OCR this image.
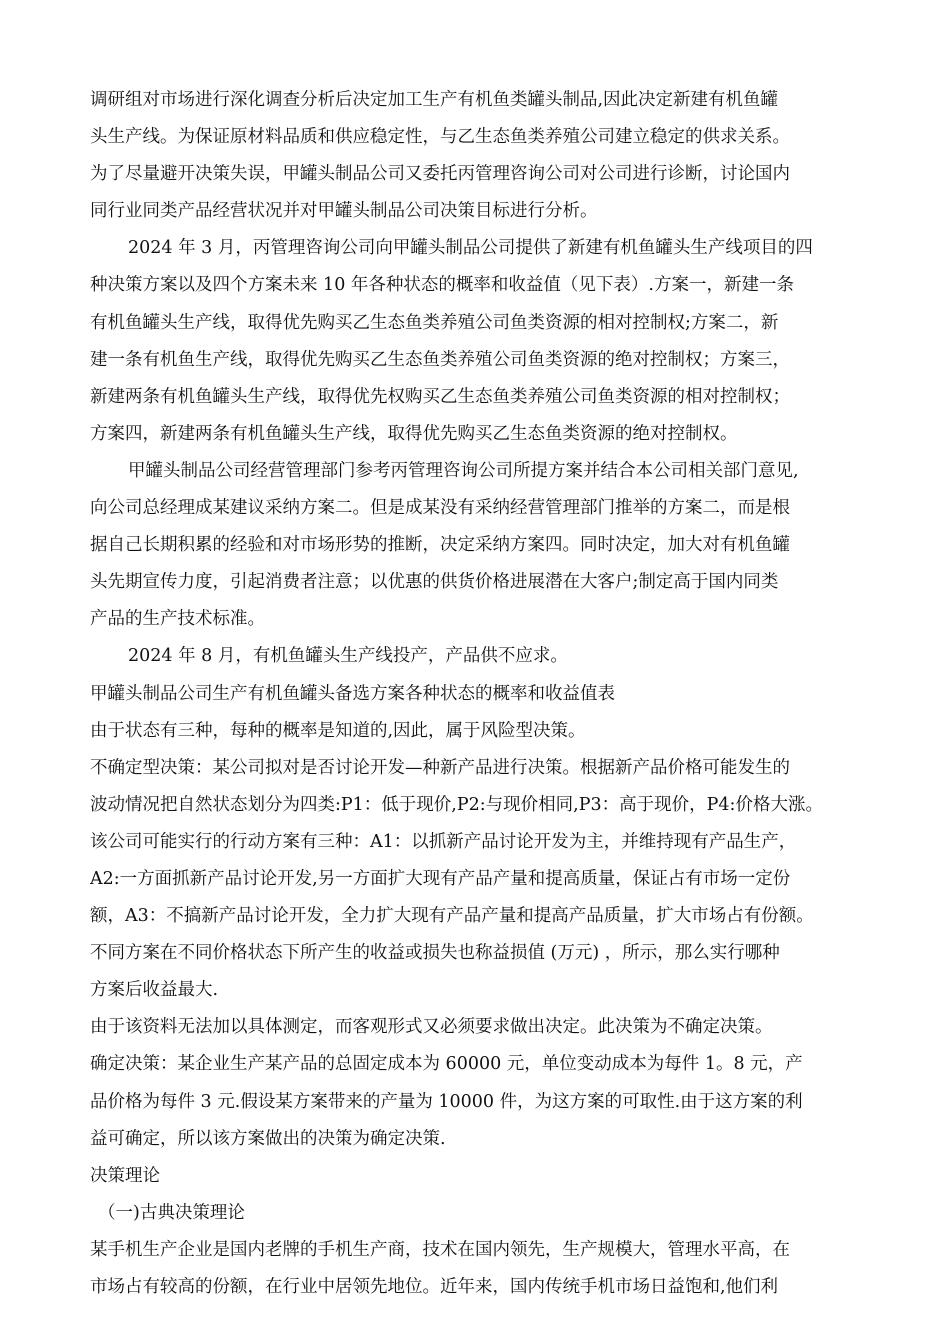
调研组对市场进行深化调查分析后决定加工生产有机鱼类罐头制品,因此决定新建有机鱼罐
头生产线。为保证原材料品质和供应稳定性，与乙生态鱼类养殖公司建立稳定的供求关系。
为了尽量避开决策失误，甲罐头制品公司又委托丙管理咨询公司对公司进行诊断，讨论国内
同行业同类产品经营状况并对甲罐头制品公司决策目标进行分析。
2024 年 3 月，丙管理咨询公司向甲罐头制品公司提供了新建有机鱼罐头生产线项目的四
种决策方案以及四个方案未来 10 年各种状态的概率和收益值（见下表）.方案一，新建一条
有机鱼罐头生产线，取得优先购买乙生态鱼类养殖公司鱼类资源的相对控制权;方案二，新
建一条有机鱼生产线，取得优先购买乙生态鱼类养殖公司鱼类资源的绝对控制权；方案三，
新建两条有机鱼罐头生产线，取得优先权购买乙生态鱼类养殖公司鱼类资源的相对控制权；
方案四，新建两条有机鱼罐头生产线，取得优先购买乙生态鱼类资源的绝对控制权。
甲罐头制品公司经营管理部门参考丙管理咨询公司所提方案并结合本公司相关部门意见,
向公司总经理成某建议采纳方案二。但是成某没有采纳经营管理部门推举的方案二，而是根
据自己长期积累的经验和对市场形势的推断，决定采纳方案四。同时决定，加大对有机鱼罐
头先期宣传力度，引起消费者注意；以优惠的供货价格进展潜在大客户;制定高于国内同类
产品的生产技术标准。
2024 年 8 月，有机鱼罐头生产线投产，产品供不应求。
甲罐头制品公司生产有机鱼罐头备选方案各种状态的概率和收益值表
由于状态有三种，每种的概率是知道的,因此，属于风险型决策。
不确定型决策：某公司拟对是否讨论开发—种新产品进行决策。根据新产品价格可能发生的
波动情况把自然状态划分为四类:P1：低于现价,P2:与现价相同,P3：高于现价，P4:价格大涨。
该公司可能实行的行动方案有三种：A1：以抓新产品讨论开发为主，并维持现有产品生产，
A2:一方面抓新产品讨论开发,另一方面扩大现有产品产量和提高质量，保证占有市场一定份
额，A3：不搞新产品讨论开发，全力扩大现有产品产量和提高产品质量，扩大市场占有份额。
不同方案在不同价格状态下所产生的收益或损失也称益损值 (万元) ，所示，那么实行哪种
方案后收益最大.
由于该资料无法加以具体测定，而客观形式又必须要求做出决定。此决策为不确定决策。
确定决策：某企业生产某产品的总固定成本为 60000 元，单位变动成本为每件 1。8 元，产
品价格为每件 3 元.假设某方案带来的产量为 10000 件，为这方案的可取性.由于这方案的利
益可确定，所以该方案做出的决策为确定决策.
决策理论
（一)古典决策理论
某手机生产企业是国内老牌的手机生产商，技术在国内领先，生产规模大，管理水平高，在
市场占有较高的份额，在行业中居领先地位。近年来，国内传统手机市场日益饱和,他们利
